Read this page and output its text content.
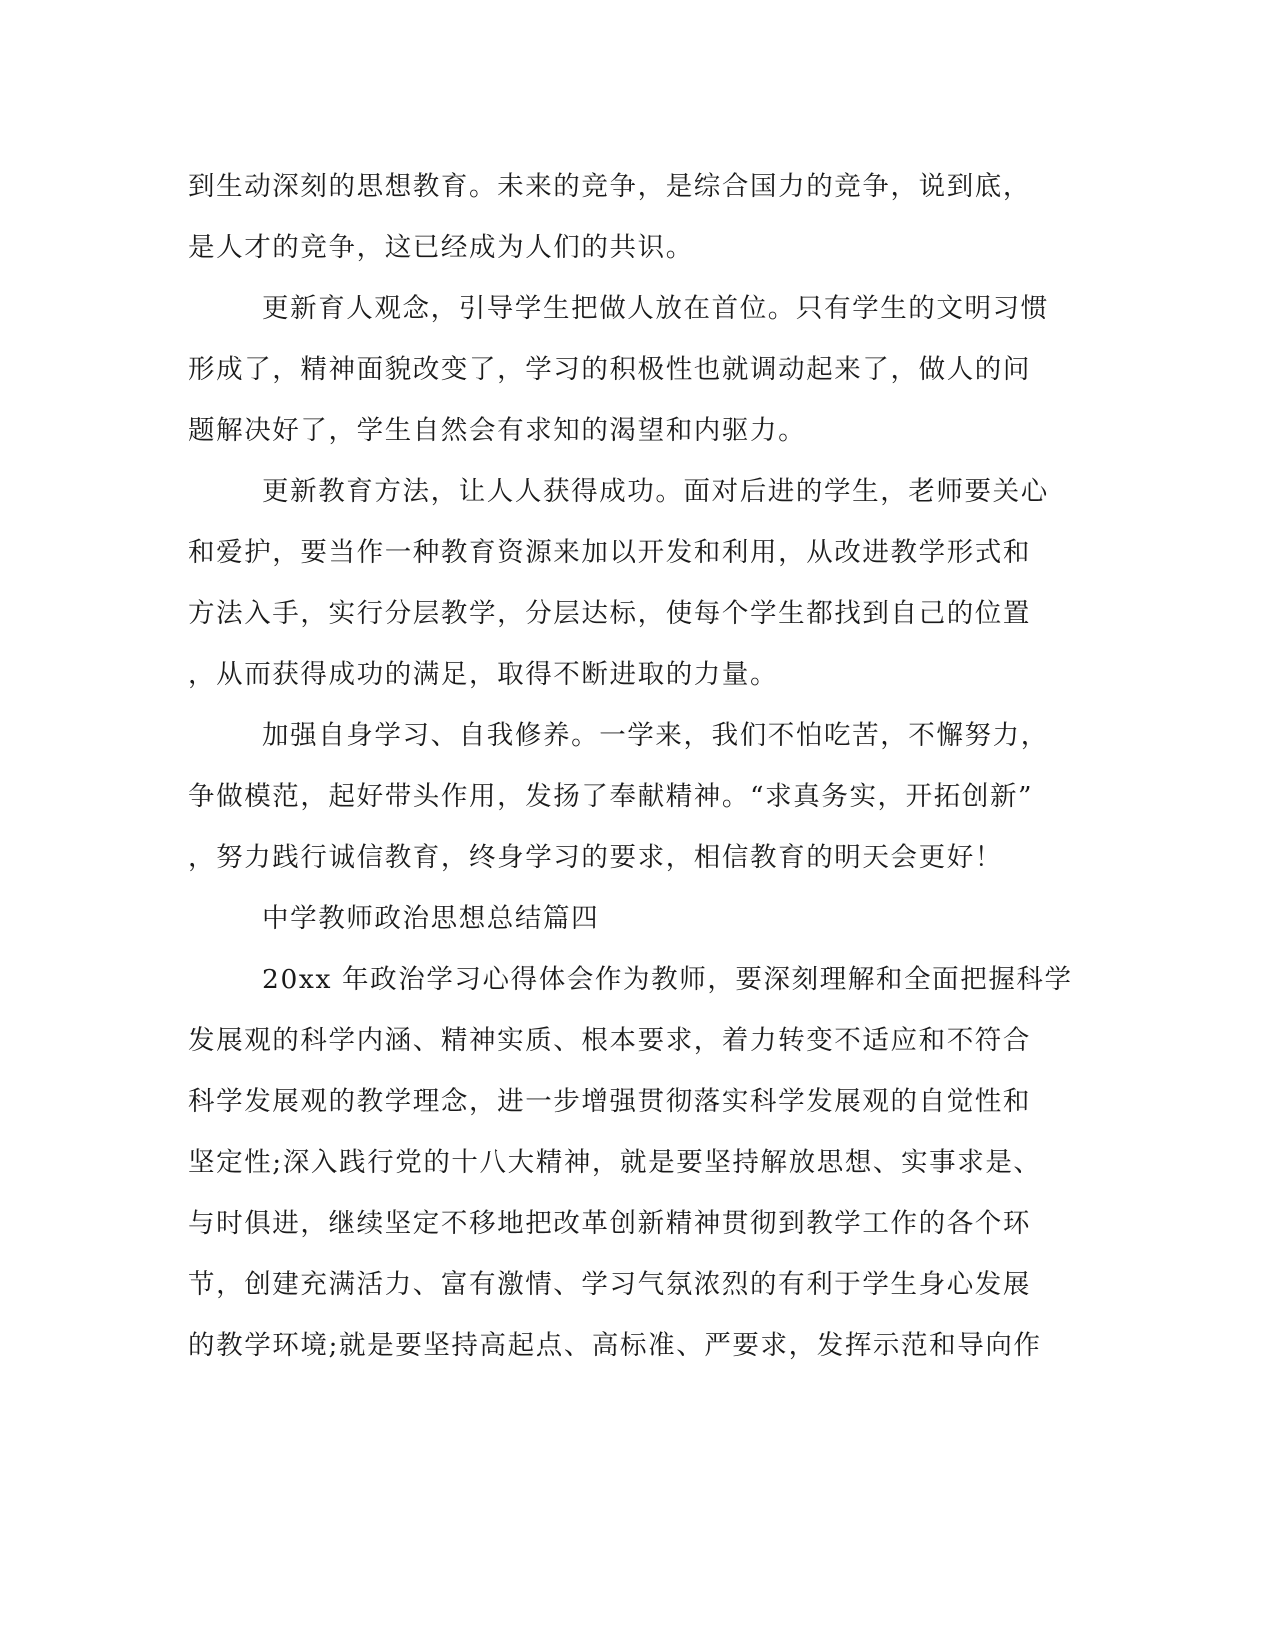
到生动深刻的思想教育。未来的竞争，是综合国力的竞争，说到底，
是人才的竞争，这已经成为人们的共识。
更新育人观念，引导学生把做人放在首位。只有学生的文明习惯
形成了，精神面貌改变了，学习的积极性也就调动起来了，做人的问
题解决好了，学生自然会有求知的渴望和内驱力。
更新教育方法，让人人获得成功。面对后进的学生，老师要关心
和爱护，要当作一种教育资源来加以开发和利用，从改进教学形式和
方法入手，实行分层教学，分层达标，使每个学生都找到自己的位置
，从而获得成功的满足，取得不断进取的力量。
加强自身学习、自我修养。一学来，我们不怕吃苦，不懈努力，
争做模范，起好带头作用，发扬了奉献精神。“求真务实，开拓创新”
，努力践行诚信教育，终身学习的要求，相信教育的明天会更好！
中学教师政治思想总结篇四
20xx 年政治学习心得体会作为教师，要深刻理解和全面把握科学
发展观的科学内涵、精神实质、根本要求，着力转变不适应和不符合
科学发展观的教学理念，进一步增强贯彻落实科学发展观的自觉性和
坚定性;深入践行党的十八大精神，就是要坚持解放思想、实事求是、
与时俱进，继续坚定不移地把改革创新精神贯彻到教学工作的各个环
节，创建充满活力、富有激情、学习气氛浓烈的有利于学生身心发展
的教学环境;就是要坚持高起点、高标准、严要求，发挥示范和导向作
